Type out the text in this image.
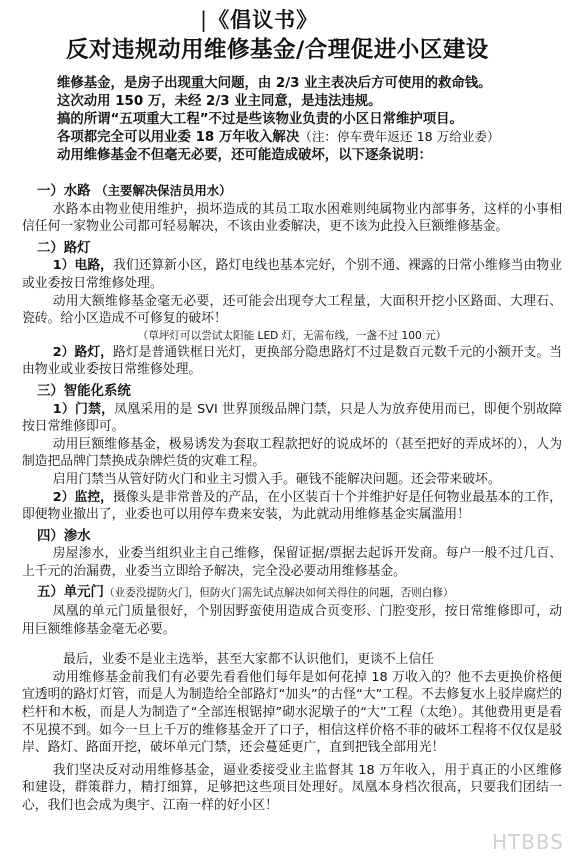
|《倡议书》
反对违规动用维修基金/合理促进小区建设
维修基金，是房子出现重大问题，由 2/3 业主表决后方可使用的救命钱。
这次动用 150 万，未经 2/3 业主同意，是违法违规。
搞的所谓“五项重大工程”不过是些该物业负责的小区日常维护项目。
各项都完全可以用业委 18 万年收入解决（注：停车费年返还 18 万给业委）
动用维修基金不但毫无必要，还可能造成破坏，以下逐条说明：
一）水路 （主要解决保洁员用水）

水路本由物业使用维护，损坏造成的其员工取水困难则纯属物业内部事务，这样的小事相信任何一家物业公司都可轻易解决，不该由业委解决，更不该为此投入巨额维修基金。

二）路灯

1）电路，我们还算新小区，路灯电线也基本完好，个别不通、裸露的日常小维修当由物业或业委按日常维修处理。

动用大额维修基金毫无必要，还可能会出现夸大工程量，大面积开挖小区路面、大理石、瓷砖。给小区造成不可修复的破坏！

（草坪灯可以尝试太阳能 LED 灯，无需布线，一盏不过 100 元）

2）路灯，路灯是普通铁框日光灯，更换部分隐患路灯不过是数百元数千元的小额开支。当由物业或业委按日常维修处理。

三）智能化系统

1）门禁，凤凰采用的是 SVI 世界顶级品牌门禁，只是人为放弃使用而已，即便个别故障按日常维修即可。

动用巨额维修基金，极易诱发为套取工程款把好的说成坏的（甚至把好的弄成坏的），人为制造把品牌门禁换成杂牌烂货的灾难工程。

启用门禁当从管好防火门和业主习惯入手。砸钱不能解决问题。还会带来破坏。

2）监控，摄像头是非常普及的产品，在小区装百十个并维护好是任何物业最基本的工作，即便物业撤出了，业委也可以用停车费来安装，为此就动用维修基金实属滥用！

四）渗水

房屋渗水，业委当组织业主自己维修，保留证据/票据去起诉开发商。每户一般不过几百、上千元的治漏费，业委当立即给予解决，完全没必要动用维修基金。

五）单元门（业委没提防火门，但防火门需先试点解决如何关得住的问题，否则白修）

凤凰的单元门质量很好，个别因野蛮使用造成合页变形、门腔变形，按日常维修即可，动用巨额维修基金毫无必要。

最后，业委不是业主选举，甚至大家都不认识他们，更谈不上信任

动用维修基金前我们有必要先看看他们每年是如何花掉 18 万收入的？他不去更换价格便宜透明的路灯灯管，而是人为制造给全部路灯“加头”的古怪“大”工程。不去修复水上驳岸腐烂的栏杆和木板，而是人为制造了“全部连根锯掉”砌水泥墩子的“大”工程（太绝）。其他费用更是看不见摸不到。如今一旦上千万的维修基金开了口子，相信这样价格不菲的破坏工程将不仅仅是驳岸、路灯、路面开挖，破坏单元门禁，还会蔓延更广，直到把钱全部用光！

我们坚决反对动用维修基金，逼业委接受业主监督其 18 万年收入，用于真正的小区维修和建设，群策群力，精打细算，足够把这些项目处理好。凤凰本身档次很高，只要我们团结一心，我们也会成为奥宇、江南一样的好小区！

HTBBS
